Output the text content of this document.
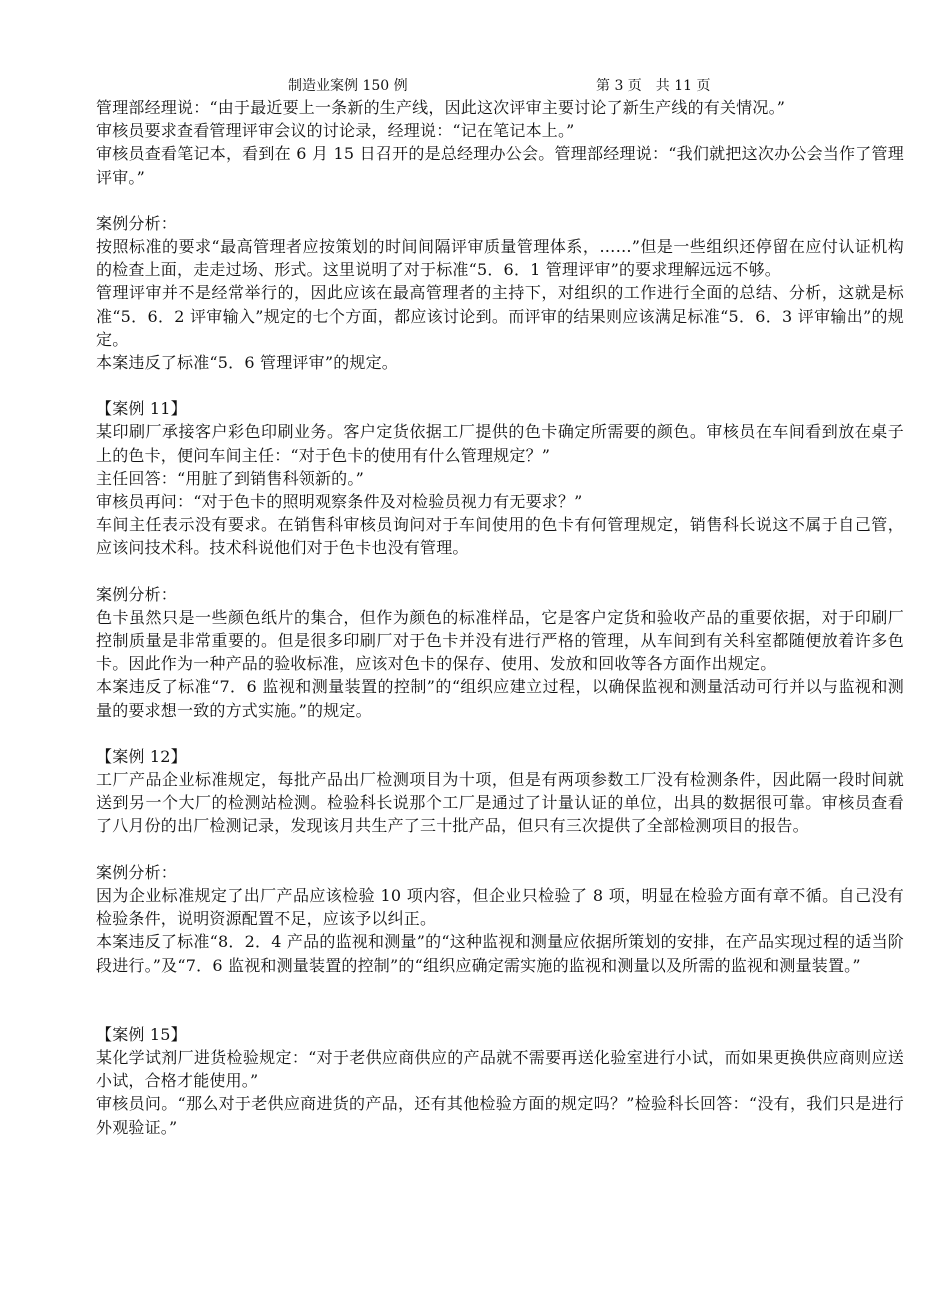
制造业案例 150 例	第 3 页　共 11 页

管理部经理说：“由于最近要上一条新的生产线，因此这次评审主要讨论了新生产线的有关情况。”

审核员要求查看管理评审会议的讨论录，经理说：“记在笔记本上。”

审核员查看笔记本，看到在 6 月 15 日召开的是总经理办公会。管理部经理说：“我们就把这次办公会当作了管理评审。”

案例分析：

按照标准的要求“最高管理者应按策划的时间间隔评审质量管理体系，……”但是一些组织还停留在应付认证机构的检查上面，走走过场、形式。这里说明了对于标准“5．6．1 管理评审”的要求理解远远不够。

管理评审并不是经常举行的，因此应该在最高管理者的主持下，对组织的工作进行全面的总结、分析，这就是标准“5．6．2 评审输入”规定的七个方面，都应该讨论到。而评审的结果则应该满足标准“5．6．3 评审输出”的规定。

本案违反了标准“5．6 管理评审”的规定。

【案例 11】

某印刷厂承接客户彩色印刷业务。客户定货依据工厂提供的色卡确定所需要的颜色。审核员在车间看到放在桌子上的色卡，便问车间主任：“对于色卡的使用有什么管理规定？”

主任回答：“用脏了到销售科领新的。”

审核员再问：“对于色卡的照明观察条件及对检验员视力有无要求？”

车间主任表示没有要求。在销售科审核员询问对于车间使用的色卡有何管理规定，销售科长说这不属于自己管，应该问技术科。技术科说他们对于色卡也没有管理。

案例分析：

色卡虽然只是一些颜色纸片的集合，但作为颜色的标准样品，它是客户定货和验收产品的重要依据，对于印刷厂控制质量是非常重要的。但是很多印刷厂对于色卡并没有进行严格的管理，从车间到有关科室都随便放着许多色卡。因此作为一种产品的验收标准，应该对色卡的保存、使用、发放和回收等各方面作出规定。

本案违反了标准“7．6 监视和测量装置的控制”的“组织应建立过程，以确保监视和测量活动可行并以与监视和测量的要求想一致的方式实施。”的规定。

【案例 12】

工厂产品企业标准规定，每批产品出厂检测项目为十项，但是有两项参数工厂没有检测条件，因此隔一段时间就送到另一个大厂的检测站检测。检验科长说那个工厂是通过了计量认证的单位，出具的数据很可靠。审核员查看了八月份的出厂检测记录，发现该月共生产了三十批产品，但只有三次提供了全部检测项目的报告。

案例分析：

因为企业标准规定了出厂产品应该检验 10 项内容，但企业只检验了 8 项，明显在检验方面有章不循。自己没有检验条件，说明资源配置不足，应该予以纠正。

本案违反了标准“8．2．4 产品的监视和测量”的“这种监视和测量应依据所策划的安排，在产品实现过程的适当阶段进行。”及“7．6 监视和测量装置的控制”的“组织应确定需实施的监视和测量以及所需的监视和测量装置。”

【案例 15】

某化学试剂厂进货检验规定：“对于老供应商供应的产品就不需要再送化验室进行小试，而如果更换供应商则应送小试，合格才能使用。”

审核员问。“那么对于老供应商进货的产品，还有其他检验方面的规定吗？”检验科长回答：“没有，我们只是进行外观验证。”
